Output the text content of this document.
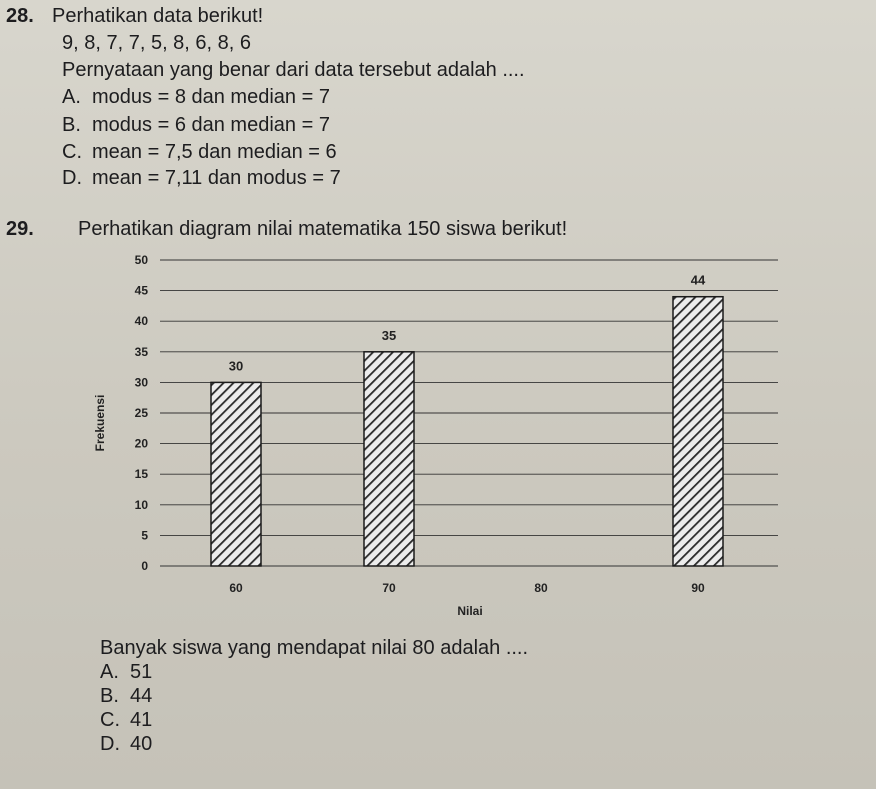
28. Perhatikan data berikut!
9, 8, 7, 7, 5, 8, 6, 8, 6
Pernyataan yang benar dari data tersebut adalah ....
A. modus = 8 dan median = 7
B. modus = 6 dan median = 7
C. mean = 7,5 dan median = 6
D. mean = 7,11 dan modus = 7
29. Perhatikan diagram nilai matematika 150 siswa berikut!
0
5
10
15
20
25
30
35
40
45
50
30
35
44
60	70	80	90
Frekuensi
Nilai
Banyak siswa yang mendapat nilai 80 adalah ....
A. 51
B. 44
C. 41
D. 40
